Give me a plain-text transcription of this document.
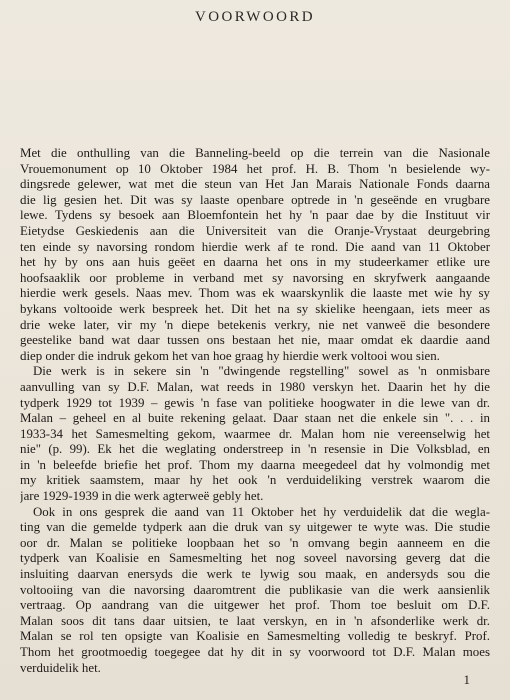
VOORWOORD
Met die onthulling van die Banneling-beeld op die terrein van die Nasionale
Vrouemonument op 10 Oktober 1984 het prof. H. B. Thom 'n besielende wy-
dingsrede gelewer, wat met die steun van Het Jan Marais Nationale Fonds daarna
die lig gesien het. Dit was sy laaste openbare optrede in 'n geseënde en vrugbare
lewe. Tydens sy besoek aan Bloemfontein het hy 'n paar dae by die Instituut vir
Eietydse Geskiedenis aan die Universiteit van die Oranje-Vrystaat deurgebring
ten einde sy navorsing rondom hierdie werk af te rond. Die aand van 11 Oktober
het hy by ons aan huis geëet en daarna het ons in my studeerkamer etlike ure
hoofsaaklik oor probleme in verband met sy navorsing en skryfwerk aangaande
hierdie werk gesels. Naas mev. Thom was ek waarskynlik die laaste met wie hy sy
bykans voltooide werk bespreek het. Dit het na sy skielike heengaan, iets meer as
drie weke later, vir my 'n diepe betekenis verkry, nie net vanweë die besondere
geestelike band wat daar tussen ons bestaan het nie, maar omdat ek daardie aand
diep onder die indruk gekom het van hoe graag hy hierdie werk voltooi wou sien.
Die werk is in sekere sin 'n "dwingende regstelling" sowel as 'n onmisbare
aanvulling van sy D.F. Malan, wat reeds in 1980 verskyn het. Daarin het hy die
tydperk 1929 tot 1939 – gewis 'n fase van politieke hoogwater in die lewe van dr.
Malan – geheel en al buite rekening gelaat. Daar staan net die enkele sin ". . . in
1933-34 het Samesmelting gekom, waarmee dr. Malan hom nie vereenselwig het
nie" (p. 99). Ek het die weglating onderstreep in 'n resensie in Die Volksblad, en
in 'n beleefde briefie het prof. Thom my daarna meegedeel dat hy volmondig met
my kritiek saamstem, maar hy het ook 'n verduideliking verstrek waarom die
jare 1929-1939 in die werk agterweë gebly het.
Ook in ons gesprek die aand van 11 Oktober het hy verduidelik dat die wegla-
ting van die gemelde tydperk aan die druk van sy uitgewer te wyte was. Die studie
oor dr. Malan se politieke loopbaan het so 'n omvang begin aanneem en die
tydperk van Koalisie en Samesmelting het nog soveel navorsing geverg dat die
insluiting daarvan enersyds die werk te lywig sou maak, en andersyds sou die
voltooiing van die navorsing daaromtrent die publikasie van die werk aansienlik
vertraag. Op aandrang van die uitgewer het prof. Thom toe besluit om D.F.
Malan soos dit tans daar uitsien, te laat verskyn, en in 'n afsonderlike werk dr.
Malan se rol ten opsigte van Koalisie en Samesmelting volledig te beskryf. Prof.
Thom het grootmoedig toegegee dat hy dit in sy voorwoord tot D.F. Malan moes
verduidelik het.
1
